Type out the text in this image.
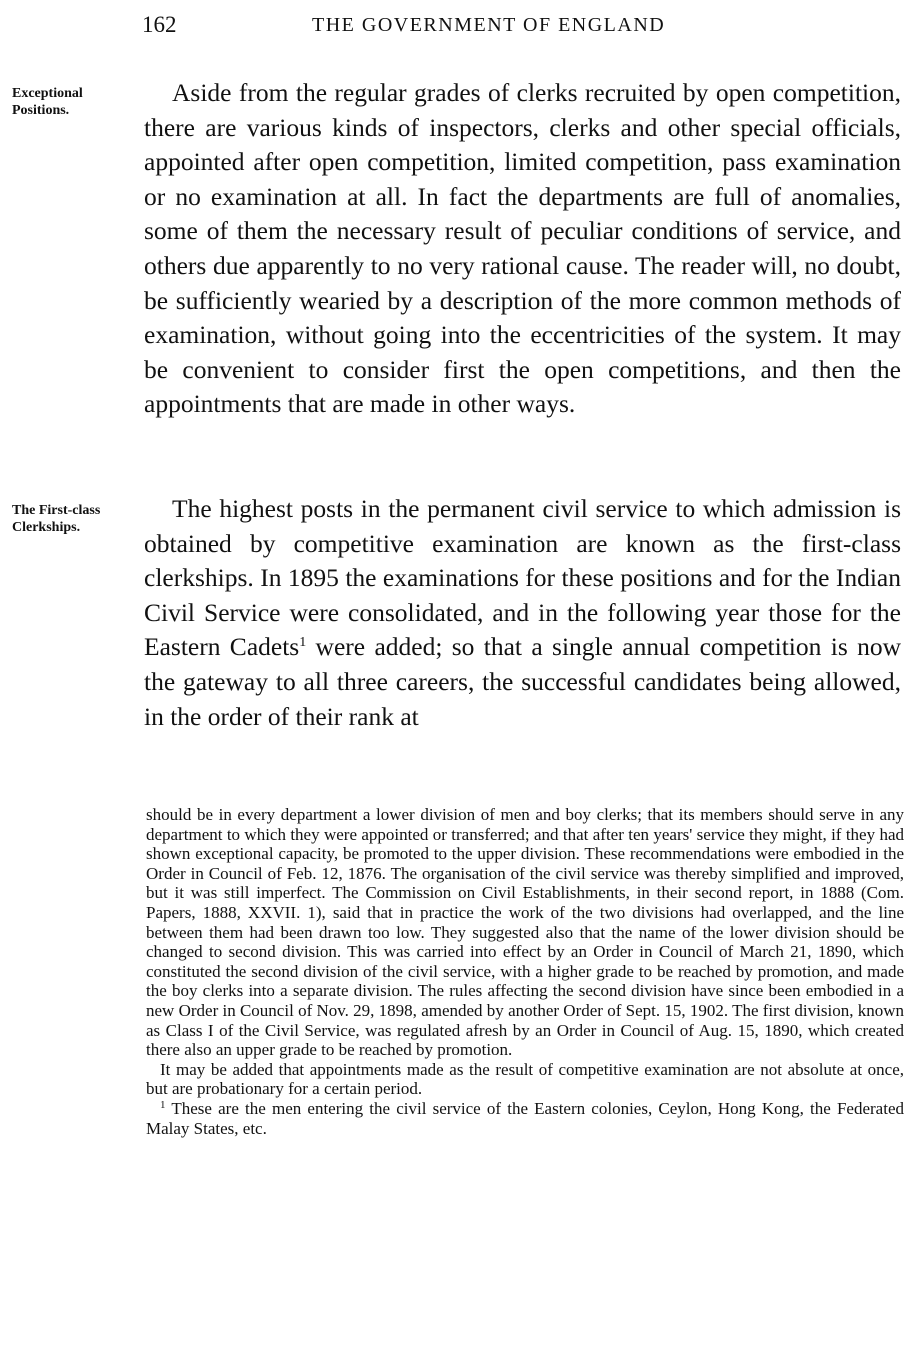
162	THE GOVERNMENT OF ENGLAND
Exceptional Positions.

Aside from the regular grades of clerks recruited by open competition, there are various kinds of inspectors, clerks and other special officials, appointed after open competition, limited competition, pass examination or no examination at all. In fact the departments are full of anomalies, some of them the necessary result of peculiar conditions of service, and others due apparently to no very rational cause. The reader will, no doubt, be sufficiently wearied by a description of the more common methods of examination, without going into the eccentricities of the system. It may be convenient to consider first the open competitions, and then the appointments that are made in other ways.

The First-class Clerkships.

The highest posts in the permanent civil service to which admission is obtained by competitive examination are known as the first-class clerkships. In 1895 the examinations for these positions and for the Indian Civil Service were consolidated, and in the following year those for the Eastern Cadets$^1$ were added; so that a single annual competition is now the gateway to all three careers, the successful candidates being allowed, in the order of their rank at

should be in every department a lower division of men and boy clerks; that its members should serve in any department to which they were appointed or transferred; and that after ten years' service they might, if they had shown exceptional capacity, be promoted to the upper division. These recommendations were embodied in the Order in Council of Feb. 12, 1876. The organisation of the civil service was thereby simplified and improved, but it was still imperfect. The Commission on Civil Establishments, in their second report, in 1888 (Com. Papers, 1888, XXVII. 1), said that in practice the work of the two divisions had overlapped, and the line between them had been drawn too low. They suggested also that the name of the lower division should be changed to second division. This was carried into effect by an Order in Council of March 21, 1890, which constituted the second division of the civil service, with a higher grade to be reached by promotion, and made the boy clerks into a separate division. The rules affecting the second division have since been embodied in a new Order in Council of Nov. 29, 1898, amended by another Order of Sept. 15, 1902. The first division, known as Class I of the Civil Service, was regulated afresh by an Order in Council of Aug. 15, 1890, which created there also an upper grade to be reached by promotion.

It may be added that appointments made as the result of competitive examination are not absolute at once, but are probationary for a certain period.

$^1$ These are the men entering the civil service of the Eastern colonies, Ceylon, Hong Kong, the Federated Malay States, etc.
